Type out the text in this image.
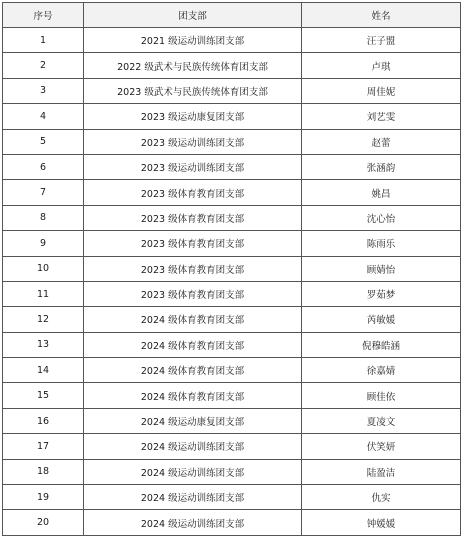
序号	团支部	姓名
1	2021 级运动训练团支部	汪子盟
2	2022 级武术与民族传统体育团支部	卢琪
3	2023 级武术与民族传统体育团支部	周佳妮
4	2023 级运动康复团支部	刘艺雯
5	2023 级运动训练团支部	赵蕾
6	2023 级运动训练团支部	张涵韵
7	2023 级体育教育团支部	姚昌
8	2023 级体育教育团支部	沈心怡
9	2023 级体育教育团支部	陈雨乐
10	2023 级体育教育团支部	顾婧怡
11	2023 级体育教育团支部	罗茹梦
12	2024 级体育教育团支部	芮敏媛
13	2024 级体育教育团支部	倪穆皓涵
14	2024 级体育教育团支部	徐嘉婧
15	2024 级体育教育团支部	顾佳依
16	2024 级运动康复团支部	夏凌文
17	2024 级运动训练团支部	伏笑妍
18	2024 级运动训练团支部	陆盈洁
19	2024 级运动训练团支部	仇实
20	2024 级运动训练团支部	钟媛媛
